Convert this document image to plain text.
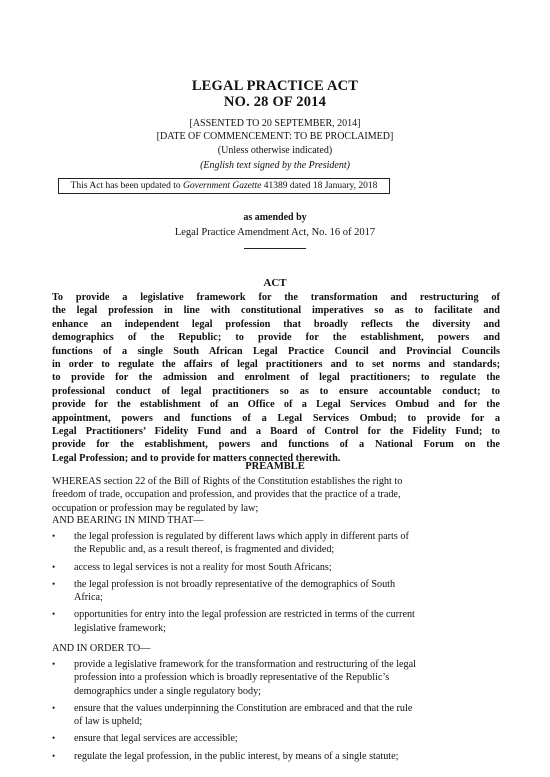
LEGAL PRACTICE ACT
NO. 28 OF 2014
[ASSENTED TO 20 SEPTEMBER, 2014]
[DATE OF COMMENCEMENT: TO BE PROCLAIMED]
(Unless otherwise indicated)
(English text signed by the President)
This Act has been updated to Government Gazette 41389 dated 18 January, 2018
as amended by
Legal Practice Amendment Act, No. 16 of 2017
ACT
To provide a legislative framework for the transformation and restructuring of
the legal profession in line with constitutional imperatives so as to facilitate and
enhance an independent legal profession that broadly reflects the diversity and
demographics of the Republic; to provide for the establishment, powers and
functions of a single South African Legal Practice Council and Provincial Councils
in order to regulate the affairs of legal practitioners and to set norms and standards;
to provide for the admission and enrolment of legal practitioners; to regulate the
professional conduct of legal practitioners so as to ensure accountable conduct; to
provide for the establishment of an Office of a Legal Services Ombud and for the
appointment, powers and functions of a Legal Services Ombud; to provide for a
Legal Practitioners’ Fidelity Fund and a Board of Control for the Fidelity Fund; to
provide for the establishment, powers and functions of a National Forum on the
Legal Profession; and to provide for matters connected therewith.
PREAMBLE
WHEREAS section 22 of the Bill of Rights of the Constitution establishes the right to
freedom of trade, occupation and profession, and provides that the practice of a trade,
occupation or profession may be regulated by law;
AND BEARING IN MIND THAT—
• the legal profession is regulated by different laws which apply in different parts of
the Republic and, as a result thereof, is fragmented and divided;
• access to legal services is not a reality for most South Africans;
• the legal profession is not broadly representative of the demographics of South
Africa;
• opportunities for entry into the legal profession are restricted in terms of the current
legislative framework;
AND IN ORDER TO—
• provide a legislative framework for the transformation and restructuring of the legal
profession into a profession which is broadly representative of the Republic’s
demographics under a single regulatory body;
• ensure that the values underpinning the Constitution are embraced and that the rule
of law is upheld;
• ensure that legal services are accessible;
• regulate the legal profession, in the public interest, by means of a single statute;
